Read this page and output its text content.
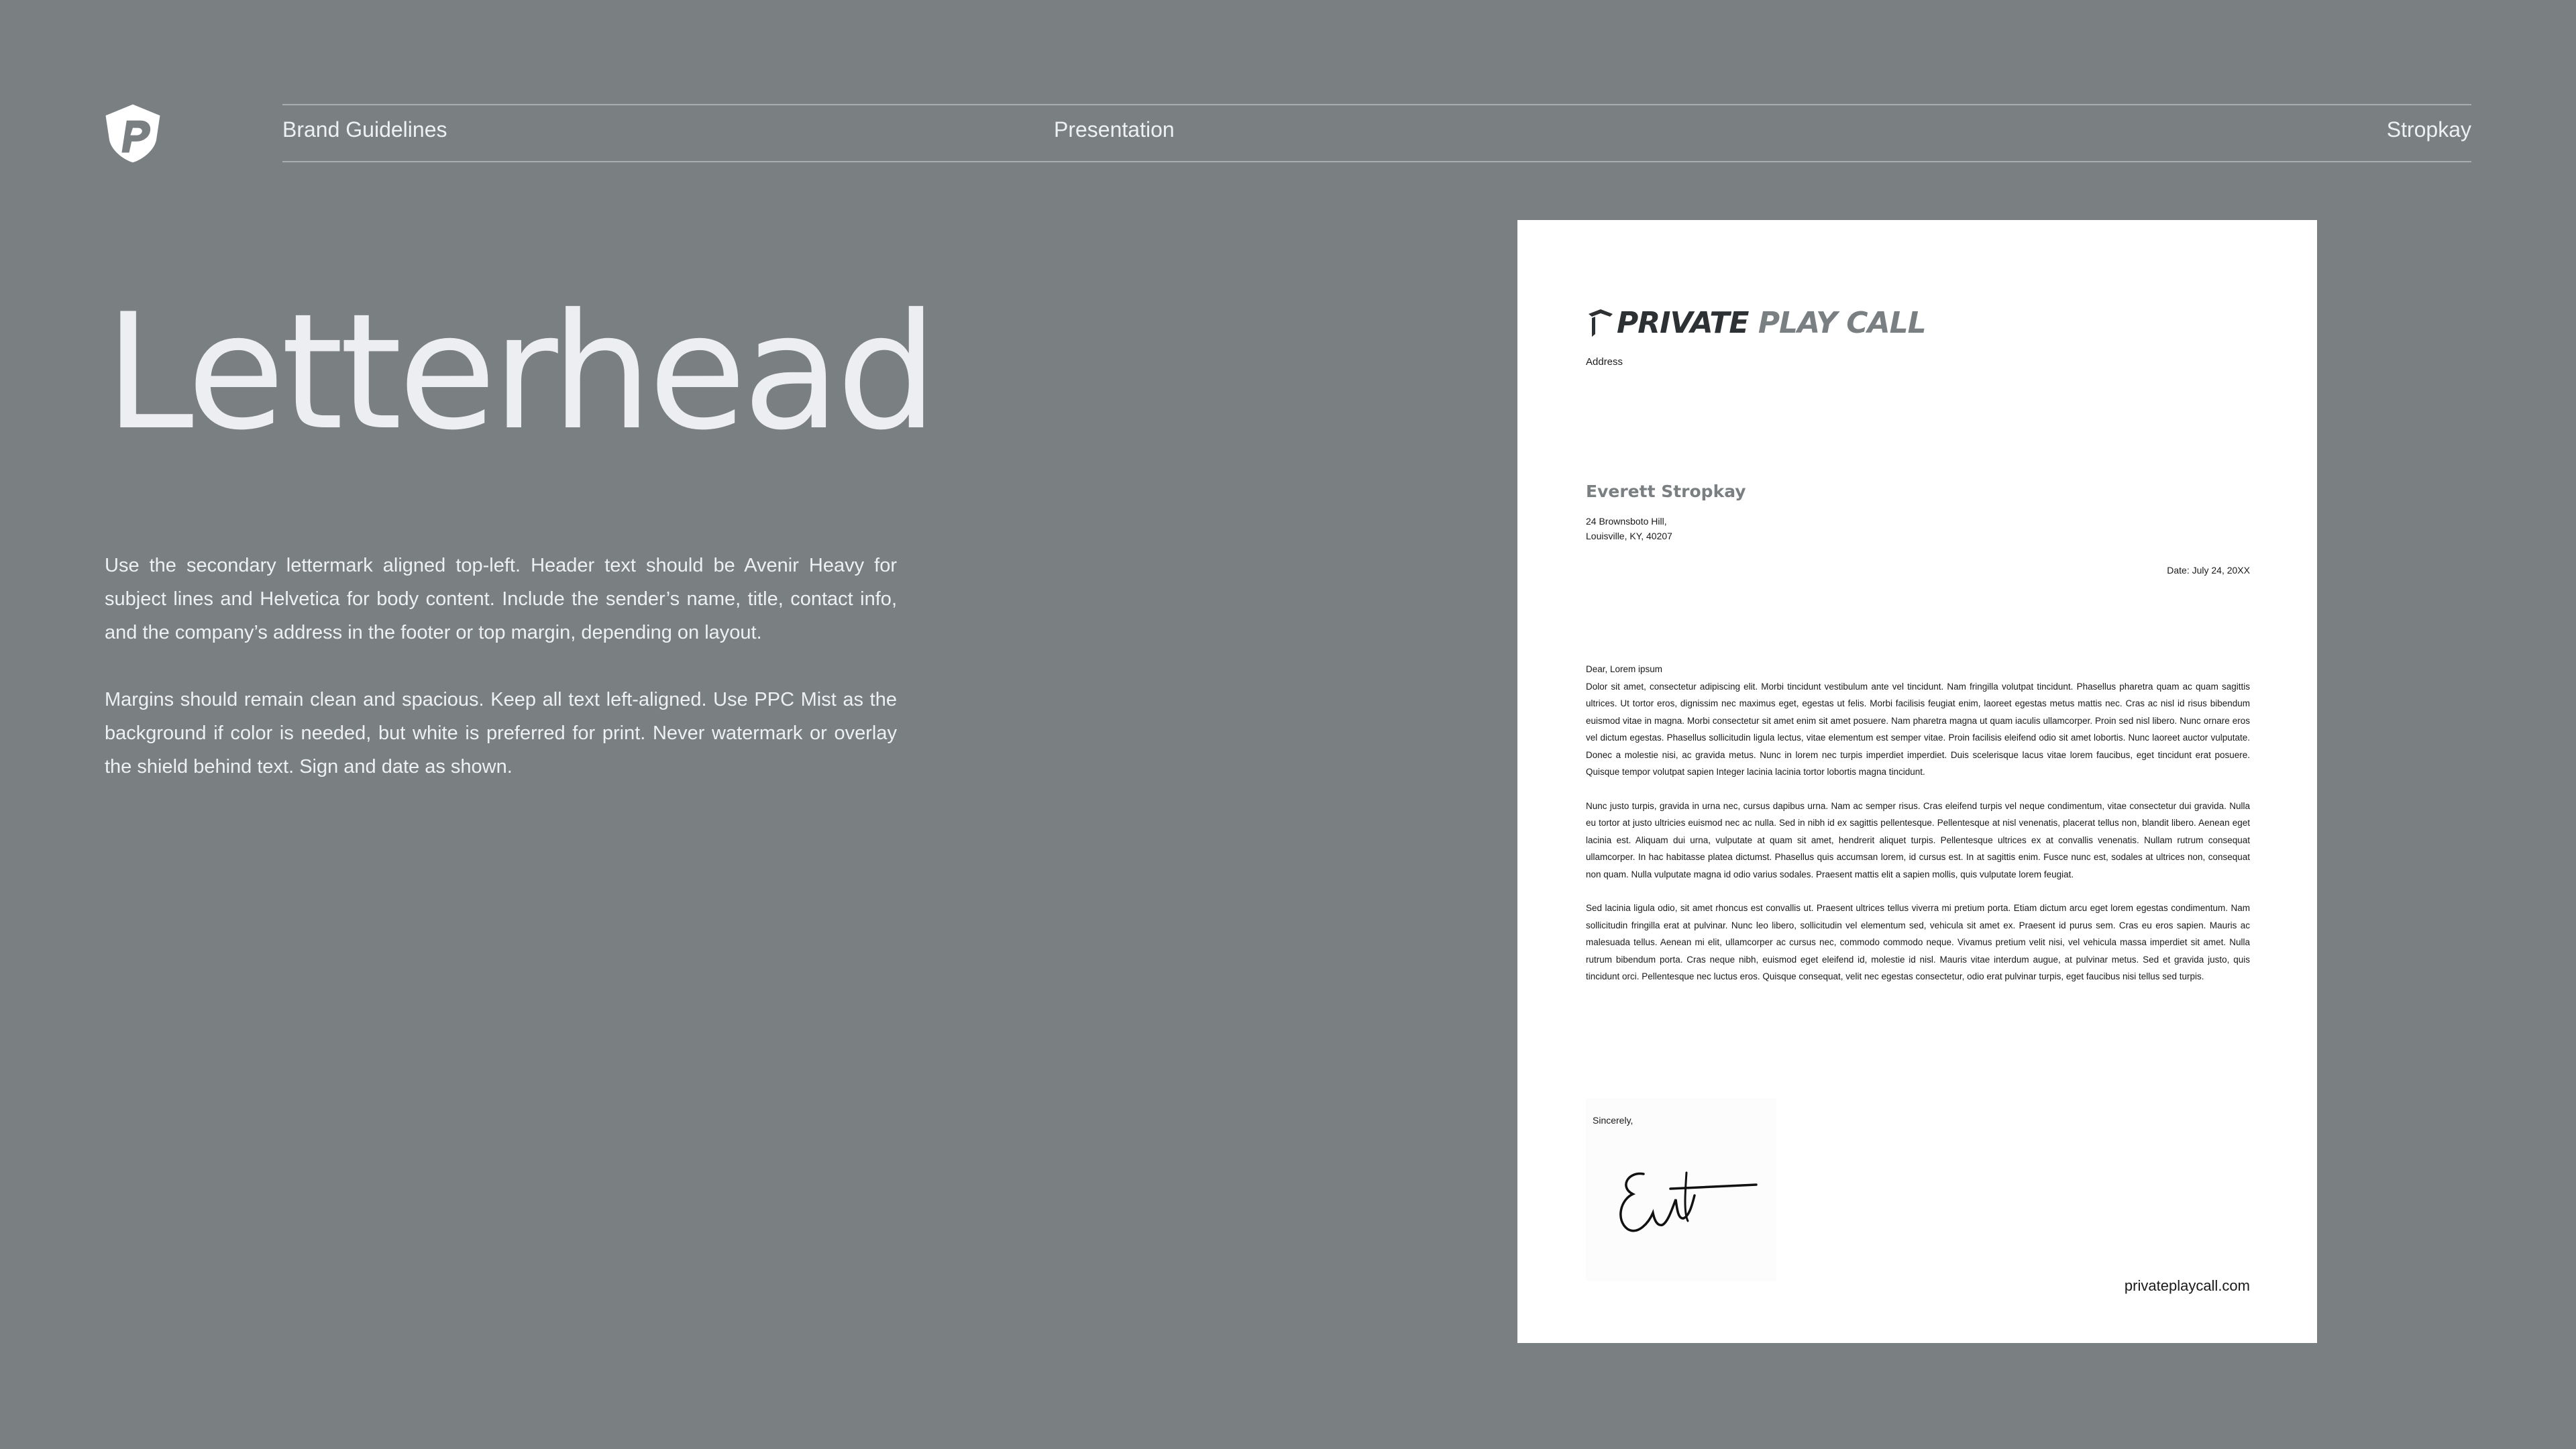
Brand Guidelines	Presentation	Stropkay
Letterhead

Use the secondary lettermark aligned top-left. Header text should be Avenir Heavy for subject lines and Helvetica for body content. Include the sender’s name, title, contact info, and the company’s address in the footer or top margin, depending on layout.

Margins should remain clean and spacious. Keep all text left-aligned. Use PPC Mist as the background if color is needed, but white is preferred for print. Never watermark or overlay the shield behind text. Sign and date as shown.

PRIVATE PLAY CALL
Address
Everett Stropkay
24 Brownsboto Hill,
Louisville, KY, 40207
Date: July 24, 20XX
Dear, Lorem ipsum

Dolor sit amet, consectetur adipiscing elit. Morbi tincidunt vestibulum ante vel tincidunt. Nam fringilla volutpat tincidunt. Phasellus pharetra quam ac quam sagittis ultrices. Ut tortor eros, dignissim nec maximus eget, egestas ut felis. Morbi facilisis feugiat enim, laoreet egestas metus mattis nec. Cras ac nisl id risus bibendum euismod vitae in magna. Morbi consectetur sit amet enim sit amet posuere. Nam pharetra magna ut quam iaculis ullamcorper. Proin sed nisl libero. Nunc ornare eros vel dictum egestas. Phasellus sollicitudin ligula lectus, vitae elementum est semper vitae. Proin facilisis eleifend odio sit amet lobortis. Nunc laoreet auctor vulputate. Donec a molestie nisi, ac gravida metus. Nunc in lorem nec turpis imperdiet imperdiet. Duis scelerisque lacus vitae lorem faucibus, eget tincidunt erat posuere. Quisque tempor volutpat sapien Integer lacinia lacinia tortor lobortis magna tincidunt.

Nunc justo turpis, gravida in urna nec, cursus dapibus urna. Nam ac semper risus. Cras eleifend turpis vel neque condimentum, vitae consectetur dui gravida. Nulla eu tortor at justo ultricies euismod nec ac nulla. Sed in nibh id ex sagittis pellentesque. Pellentesque at nisl venenatis, placerat tellus non, blandit libero. Aenean eget lacinia est. Aliquam dui urna, vulputate at quam sit amet, hendrerit aliquet turpis. Pellentesque ultrices ex at convallis venenatis. Nullam rutrum consequat ullamcorper. In hac habitasse platea dictumst. Phasellus quis accumsan lorem, id cursus est. In at sagittis enim. Fusce nunc est, sodales at ultrices non, consequat non quam. Nulla vulputate magna id odio varius sodales. Praesent mattis elit a sapien mollis, quis vulputate lorem feugiat.

Sed lacinia ligula odio, sit amet rhoncus est convallis ut. Praesent ultrices tellus viverra mi pretium porta. Etiam dictum arcu eget lorem egestas condimentum. Nam sollicitudin fringilla erat at pulvinar. Nunc leo libero, sollicitudin vel elementum sed, vehicula sit amet ex. Praesent id purus sem. Cras eu eros sapien. Mauris ac malesuada tellus. Aenean mi elit, ullamcorper ac cursus nec, commodo commodo neque. Vivamus pretium velit nisi, vel vehicula massa imperdiet sit amet. Nulla rutrum bibendum porta. Cras neque nibh, euismod eget eleifend id, molestie id nisl. Mauris vitae interdum augue, at pulvinar metus. Sed et gravida justo, quis tincidunt orci. Pellentesque nec luctus eros. Quisque consequat, velit nec egestas consectetur, odio erat pulvinar turpis, eget faucibus nisi tellus sed turpis.

Sincerely,
privateplaycall.com
